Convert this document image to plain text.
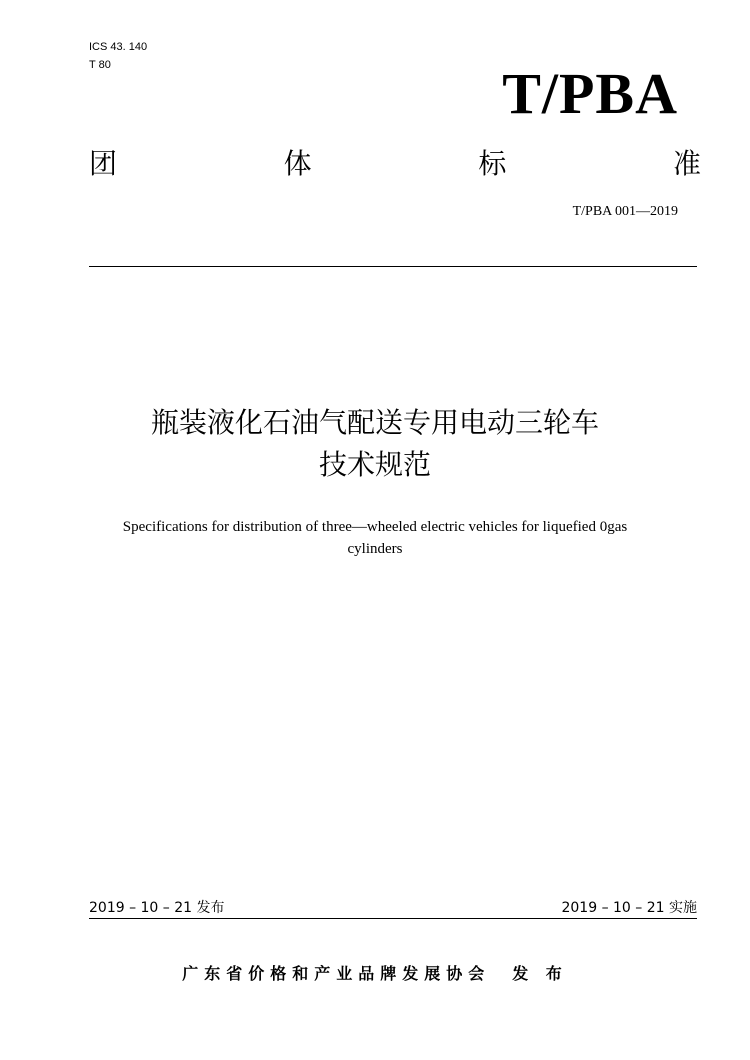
ICS 43. 140
T 80	T/PBA
团	体	标	准
T/PBA 001—2019
瓶装液化石油气配送专用电动三轮车
技术规范
Specifications for distribution of three—wheeled electric vehicles for liquefied 0gas
cylinders
2019 – 10 – 21 发布	2019 – 10 – 21 实施
广东省价格和产业品牌发展协会 发 布
